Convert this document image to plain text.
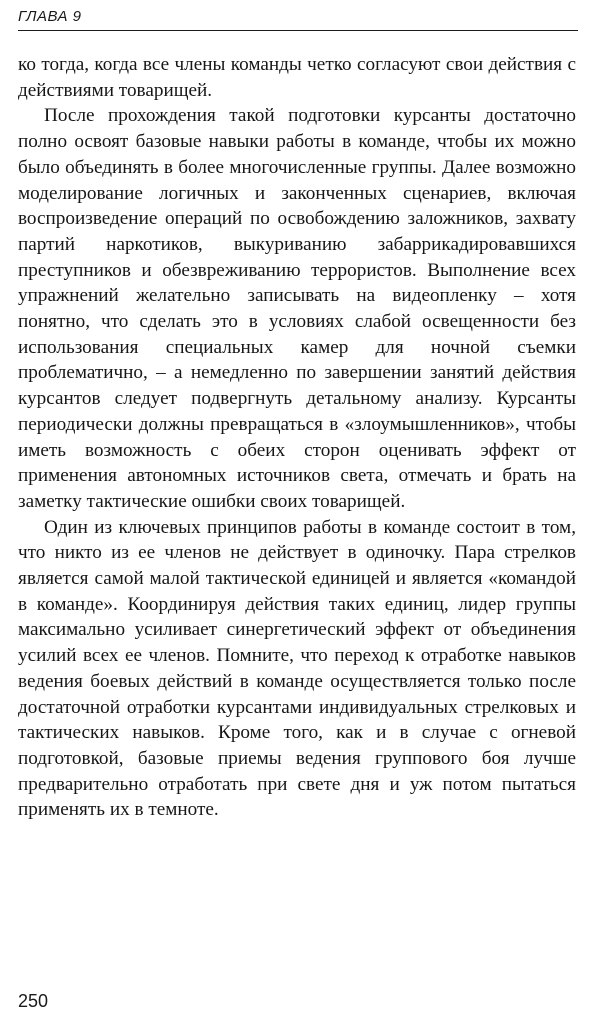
ГЛАВА 9

ко тогда, когда все члены команды четко согласуют свои действия с действиями товарищей.

После прохождения такой подготовки курсанты достаточно полно освоят базовые навыки работы в команде, чтобы их можно было объединять в более многочисленные группы. Далее возможно моделирование логичных и законченных сценариев, включая воспроизведение операций по освобождению заложников, захвату партий наркотиков, выкуриванию забаррикадировавшихся преступников и обезвреживанию террористов. Выполнение всех упражнений желательно записывать на видеопленку – хотя понятно, что сделать это в условиях слабой освещенности без использования специальных камер для ночной съемки проблематично, – а немедленно по завершении занятий действия курсантов следует подвергнуть детальному анализу. Курсанты периодически должны превращаться в «злоумышленников», чтобы иметь возможность с обеих сторон оценивать эффект от применения автономных источников света, отмечать и брать на заметку тактические ошибки своих товарищей.

Один из ключевых принципов работы в команде состоит в том, что никто из ее членов не действует в одиночку. Пара стрелков является самой малой тактической единицей и является «командой в команде». Координируя действия таких единиц, лидер группы максимально усиливает синергетический эффект от объединения усилий всех ее членов. Помните, что переход к отработке навыков ведения боевых действий в команде осуществляется только после достаточной отработки курсантами индивидуальных стрелковых и тактических навыков. Кроме того, как и в случае с огневой подготовкой, базовые приемы ведения группового боя лучше предварительно отработать при свете дня и уж потом пытаться применять их в темноте.

250
